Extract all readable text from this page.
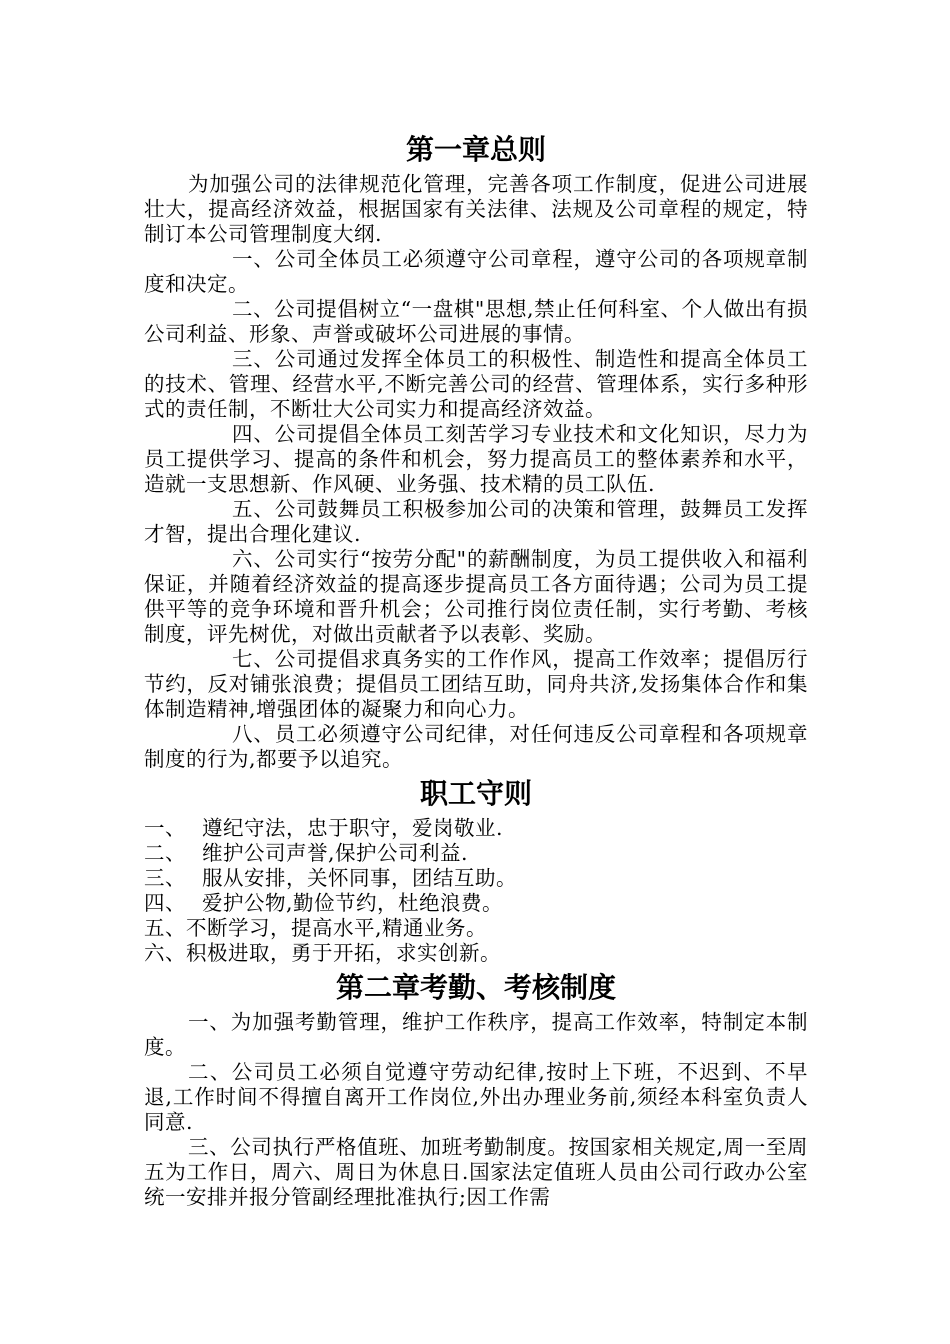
第一章总则

为加强公司的法律规范化管理，完善各项工作制度，促进公司进展壮大，提高经济效益，根据国家有关法律、法规及公司章程的规定，特制订本公司管理制度大纲.

一、公司全体员工必须遵守公司章程，遵守公司的各项规章制度和决定。

二、公司提倡树立“一盘棋"思想,禁止任何科室、个人做出有损公司利益、形象、声誉或破坏公司进展的事情。

三、公司通过发挥全体员工的积极性、制造性和提高全体员工的技术、管理、经营水平,不断完善公司的经营、管理体系，实行多种形式的责任制，不断壮大公司实力和提高经济效益。

四、公司提倡全体员工刻苦学习专业技术和文化知识，尽力为员工提供学习、提高的条件和机会，努力提高员工的整体素养和水平，造就一支思想新、作风硬、业务强、技术精的员工队伍.

五、公司鼓舞员工积极参加公司的决策和管理，鼓舞员工发挥才智，提出合理化建议.

六、公司实行“按劳分配"的薪酬制度，为员工提供收入和福利保证，并随着经济效益的提高逐步提高员工各方面待遇；公司为员工提供平等的竞争环境和晋升机会；公司推行岗位责任制，实行考勤、考核制度，评先树优，对做出贡献者予以表彰、奖励。

七、公司提倡求真务实的工作作风，提高工作效率；提倡厉行节约，反对铺张浪费；提倡员工团结互助，同舟共济,发扬集体合作和集体制造精神,增强团体的凝聚力和向心力。

八、员工必须遵守公司纪律，对任何违反公司章程和各项规章制度的行为,都要予以追究。

职工守则
一、 遵纪守法，忠于职守，爱岗敬业.
二、 维护公司声誉,保护公司利益.
三、 服从安排，关怀同事，团结互助。
四、 爱护公物,勤俭节约，杜绝浪费。
五、不断学习，提高水平,精通业务。
六、积极进取，勇于开拓，求实创新。
第二章考勤、考核制度

一、为加强考勤管理，维护工作秩序，提高工作效率，特制定本制度。

二、公司员工必须自觉遵守劳动纪律,按时上下班，不迟到、不早退,工作时间不得擅自离开工作岗位,外出办理业务前,须经本科室负责人同意.

三、公司执行严格值班、加班考勤制度。按国家相关规定,周一至周五为工作日，周六、周日为休息日.国家法定值班人员由公司行政办公室统一安排并报分管副经理批准执行;因工作需
